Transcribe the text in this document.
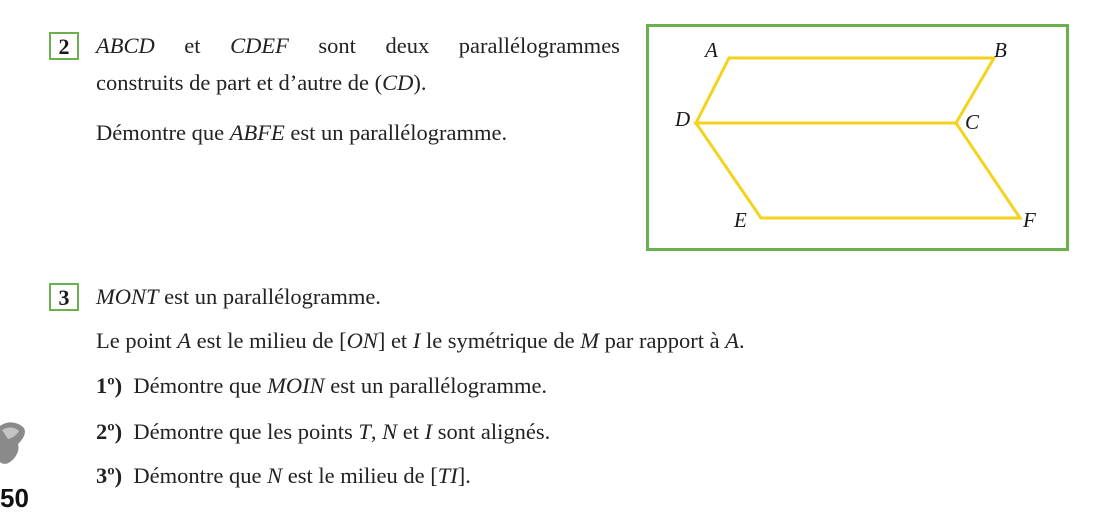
2	ABCD et CDEF sont deux parallélogrammes
construits de part et d’autre de (CD).
Démontre que ABFE est un parallélogramme.
A	B
C
D
E	F
3	MONT est un parallélogramme.
Le point A est le milieu de [ON] et I le symétrique de M par rapport à A.
1º) Démontre que MOIN est un parallélogramme.
2º) Démontre que les points T, N et I sont alignés.
3º) Démontre que N est le milieu de [TI].
50
